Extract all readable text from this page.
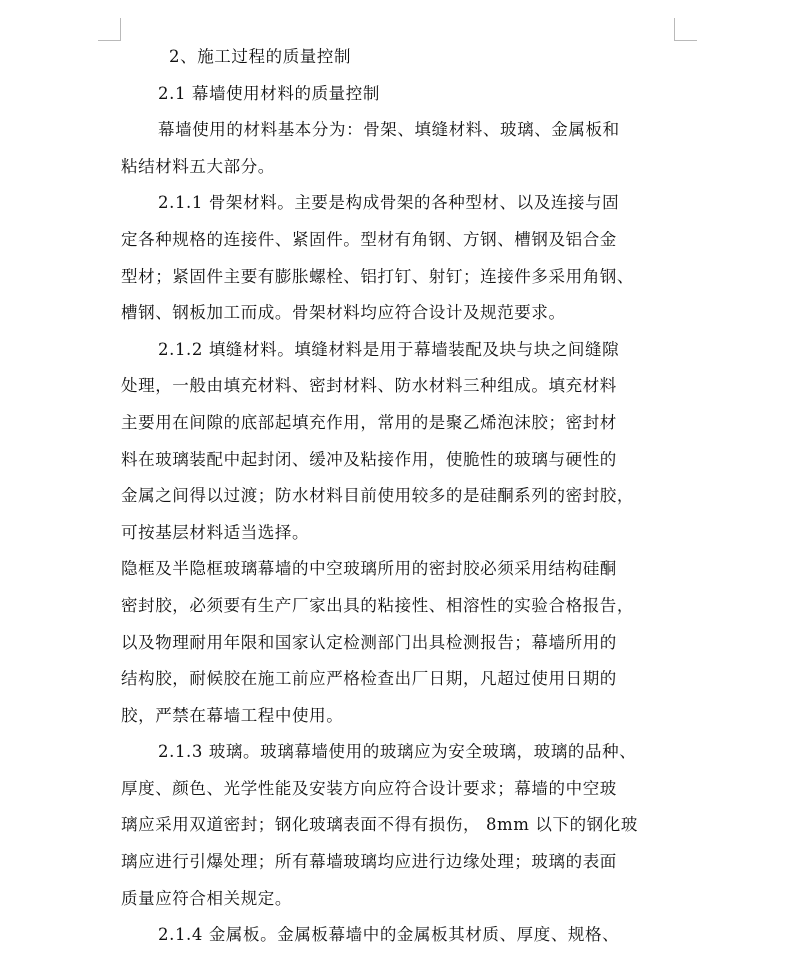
2、施工过程的质量控制
2.1 幕墙使用材料的质量控制
幕墙使用的材料基本分为：骨架、填缝材料、玻璃、金属板和
粘结材料五大部分。
2.1.1 骨架材料。主要是构成骨架的各种型材、以及连接与固
定各种规格的连接件、紧固件。型材有角钢、方钢、槽钢及铝合金
型材；紧固件主要有膨胀螺栓、铝打钉、射钉；连接件多采用角钢、
槽钢、钢板加工而成。骨架材料均应符合设计及规范要求。
2.1.2 填缝材料。填缝材料是用于幕墙装配及块与块之间缝隙
处理，一般由填充材料、密封材料、防水材料三种组成。填充材料
主要用在间隙的底部起填充作用，常用的是聚乙烯泡沫胶；密封材
料在玻璃装配中起封闭、缓冲及粘接作用，使脆性的玻璃与硬性的
金属之间得以过渡；防水材料目前使用较多的是硅酮系列的密封胶，
可按基层材料适当选择。
隐框及半隐框玻璃幕墙的中空玻璃所用的密封胶必须采用结构硅酮
密封胶，必须要有生产厂家出具的粘接性、相溶性的实验合格报告，
以及物理耐用年限和国家认定检测部门出具检测报告；幕墙所用的
结构胶，耐候胶在施工前应严格检查出厂日期，凡超过使用日期的
胶，严禁在幕墙工程中使用。
2.1.3 玻璃。玻璃幕墙使用的玻璃应为安全玻璃，玻璃的品种、
厚度、颜色、光学性能及安装方向应符合设计要求；幕墙的中空玻
璃应采用双道密封；钢化玻璃表面不得有损伤， 8mm 以下的钢化玻
璃应进行引爆处理；所有幕墙玻璃均应进行边缘处理；玻璃的表面
质量应符合相关规定。
2.1.4 金属板。金属板幕墙中的金属板其材质、厚度、规格、
